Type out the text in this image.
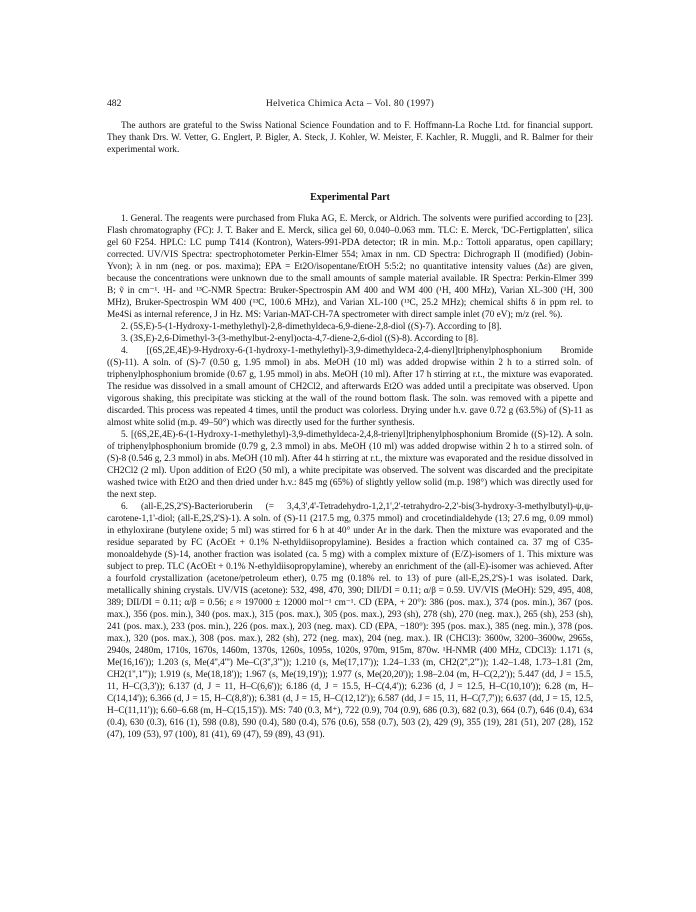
482	Helvetica Chimica Acta – Vol. 80 (1997)

The authors are grateful to the Swiss National Science Foundation and to F. Hoffmann-La Roche Ltd. for financial support. They thank Drs. W. Vetter, G. Englert, P. Bigler, A. Steck, J. Kohler, W. Meister, F. Kachler, R. Muggli, and R. Balmer for their experimental work.

Experimental Part

1. General. The reagents were purchased from Fluka AG, E. Merck, or Aldrich. The solvents were purified according to [23]. Flash chromatography (FC): J. T. Baker and E. Merck, silica gel 60, 0.040–0.063 mm. TLC: E. Merck, 'DC-Fertigplatten', silica gel 60 F254. HPLC: LC pump T414 (Kontron), Waters-991-PDA detector; tR in min. M.p.: Tottoli apparatus, open capillary; corrected. UV/VIS Spectra: spectrophotometer Perkin-Elmer 554; λmax in nm. CD Spectra: Dichrograph II (modified) (Jobin-Yvon); λ in nm (neg. or pos. maxima); EPA = Et2O/isopentane/EtOH 5:5:2; no quantitative intensity values (Δε) are given, because the concentrations were unknown due to the small amounts of sample material available. IR Spectra: Perkin-Elmer 399 B; ṽ in cm⁻¹. ¹H- and ¹³C-NMR Spectra: Bruker-Spectrospin AM 400 and WM 400 (¹H, 400 MHz), Varian XL-300 (¹H, 300 MHz), Bruker-Spectrospin WM 400 (¹³C, 100.6 MHz), and Varian XL-100 (¹³C, 25.2 MHz); chemical shifts δ in ppm rel. to Me4Si as internal reference, J in Hz. MS: Varian-MAT-CH-7A spectrometer with direct sample inlet (70 eV); m/z (rel. %).

2. (5S,E)-5-(1-Hydroxy-1-methylethyl)-2,8-dimethyldeca-6,9-diene-2,8-diol ((S)-7). According to [8].

3. (3S,E)-2,6-Dimethyl-3-(3-methylbut-2-enyl)octa-4,7-diene-2,6-diol ((S)-8). According to [8].

4. [(6S,2E,4E)-9-Hydroxy-6-(1-hydroxy-1-methylethyl)-3,9-dimethyldeca-2,4-dienyl]triphenylphosphonium Bromide ((S)-11). A soln. of (S)-7 (0.50 g, 1.95 mmol) in abs. MeOH (10 ml) was added dropwise within 2 h to a stirred soln. of triphenylphosphonium bromide (0.67 g, 1.95 mmol) in abs. MeOH (10 ml). After 17 h stirring at r.t., the mixture was evaporated. The residue was dissolved in a small amount of CH2Cl2, and afterwards Et2O was added until a precipitate was observed. Upon vigorous shaking, this precipitate was sticking at the wall of the round bottom flask. The soln. was removed with a pipette and discarded. This process was repeated 4 times, until the product was colorless. Drying under h.v. gave 0.72 g (63.5%) of (S)-11 as almost white solid (m.p. 49–50°) which was directly used for the further synthesis.

5. [(6S,2E,4E)-6-(1-Hydroxy-1-methylethyl)-3,9-dimethyldeca-2,4,8-trienyl]triphenylphosphonium Bromide ((S)-12). A soln. of triphenylphosphonium bromide (0.79 g, 2.3 mmol) in abs. MeOH (10 ml) was added dropwise within 2 h to a stirred soln. of (S)-8 (0.546 g, 2.3 mmol) in abs. MeOH (10 ml). After 44 h stirring at r.t., the mixture was evaporated and the residue dissolved in CH2Cl2 (2 ml). Upon addition of Et2O (50 ml), a white precipitate was observed. The solvent was discarded and the precipitate washed twice with Et2O and then dried under h.v.: 845 mg (65%) of slightly yellow solid (m.p. 198°) which was directly used for the next step.

6. (all-E,2S,2'S)-Bacterioruberin (= 3,4,3',4'-Tetradehydro-1,2,1',2'-tetrahydro-2,2'-bis(3-hydroxy-3-methylbutyl)-ψ,ψ-carotene-1,1'-diol; (all-E,2S,2'S)-1). A soln. of (S)-11 (217.5 mg, 0.375 mmol) and crocetindialdehyde (13; 27.6 mg, 0.09 mmol) in ethyloxirane (butylene oxide; 5 ml) was stirred for 6 h at 40° under Ar in the dark. Then the mixture was evaporated and the residue separated by FC (AcOEt + 0.1% N-ethyldiisopropylamine). Besides a fraction which contained ca. 37 mg of C35-monoaldehyde (S)-14, another fraction was isolated (ca. 5 mg) with a complex mixture of (E/Z)-isomers of 1. This mixture was subject to prep. TLC (AcOEt + 0.1% N-ethyldiisopropylamine), whereby an enrichment of the (all-E)-isomer was achieved. After a fourfold crystallization (acetone/petroleum ether), 0.75 mg (0.18% rel. to 13) of pure (all-E,2S,2'S)-1 was isolated. Dark, metallically shining crystals. UV/VIS (acetone): 532, 498, 470, 390; DII/DI = 0.11; α/β = 0.59. UV/VIS (MeOH): 529, 495, 408, 389; DII/DI = 0.11; α/β = 0.56; ε ≈ 197000 ± 12000 mol⁻¹ cm⁻¹. CD (EPA, + 20°): 386 (pos. max.), 374 (pos. min.), 367 (pos. max.), 356 (pos. min.), 340 (pos. max.), 315 (pos. max.), 305 (pos. max.), 293 (sh), 278 (sh), 270 (neg. max.), 265 (sh), 253 (sh), 241 (pos. max.), 233 (pos. min.), 226 (pos. max.), 203 (neg. max). CD (EPA, −180°): 395 (pos. max.), 385 (neg. min.), 378 (pos. max.), 320 (pos. max.), 308 (pos. max.), 282 (sh), 272 (neg. max), 204 (neg. max.). IR (CHCl3): 3600w, 3200–3600w, 2965s, 2940s, 2480m, 1710s, 1670s, 1460m, 1370s, 1260s, 1095s, 1020s, 970m, 915m, 870w. ¹H-NMR (400 MHz, CDCl3): 1.171 (s, Me(16,16')); 1.203 (s, Me(4'',4''') Me–C(3'',3''')); 1.210 (s, Me(17,17')); 1.24–1.33 (m, CH2(2'',2''')); 1.42–1.48, 1.73–1.81 (2m, CH2(1'',1''')); 1.919 (s, Me(18,18')); 1.967 (s, Me(19,19')); 1.977 (s, Me(20,20')); 1.98–2.04 (m, H–C(2,2')); 5.447 (dd, J = 15.5, 11, H–C(3,3')); 6.137 (d, J = 11, H–C(6,6')); 6.186 (d, J = 15.5, H–C(4,4')); 6.236 (d, J = 12.5, H–C(10,10')); 6.28 (m, H–C(14,14')); 6.366 (d, J = 15, H–C(8,8')); 6.381 (d, J = 15, H–C(12,12')); 6.587 (dd, J = 15, 11, H–C(7,7')); 6.637 (dd, J = 15, 12.5, H–C(11,11')); 6.60–6.68 (m, H–C(15,15')). MS: 740 (0.3, M⁺), 722 (0.9), 704 (0.9), 686 (0.3), 682 (0.3), 664 (0.7), 646 (0.4), 634 (0.4), 630 (0.3), 616 (1), 598 (0.8), 590 (0.4), 580 (0.4), 576 (0.6), 558 (0.7), 503 (2), 429 (9), 355 (19), 281 (51), 207 (28), 152 (47), 109 (53), 97 (100), 81 (41), 69 (47), 59 (89), 43 (91).
